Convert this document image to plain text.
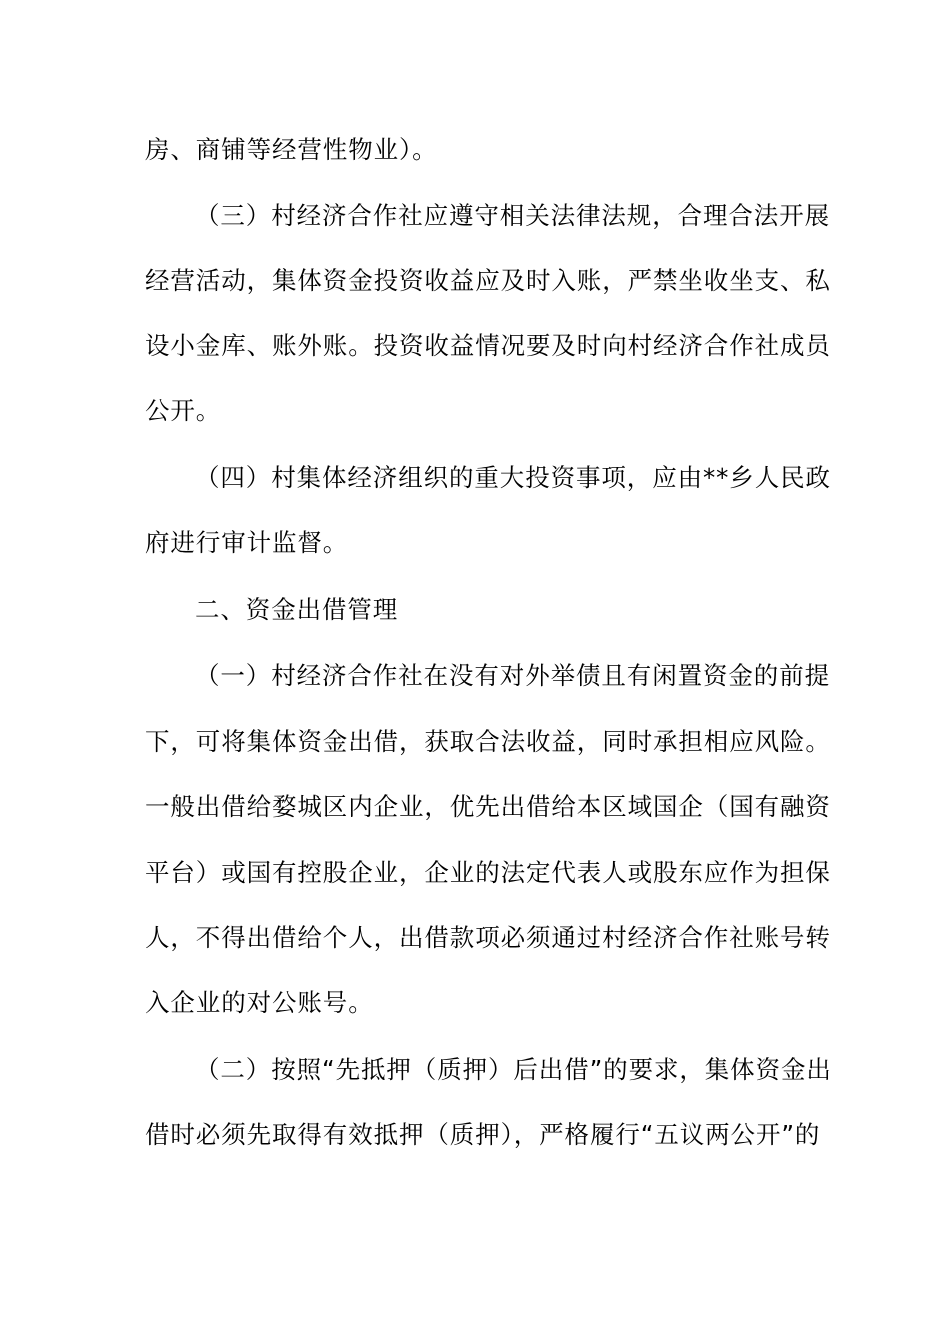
房、商铺等经营性物业）。

（三）村经济合作社应遵守相关法律法规，合理合法开展

经营活动，集体资金投资收益应及时入账，严禁坐收坐支、私

设小金库、账外账。投资收益情况要及时向村经济合作社成员

公开。

（四）村集体经济组织的重大投资事项，应由**乡人民政

府进行审计监督。

二、资金出借管理

（一）村经济合作社在没有对外举债且有闲置资金的前提

下，可将集体资金出借，获取合法收益，同时承担相应风险。

一般出借给婺城区内企业，优先出借给本区域国企（国有融资

平台）或国有控股企业，企业的法定代表人或股东应作为担保

人，不得出借给个人，出借款项必须通过村经济合作社账号转

入企业的对公账号。

（二）按照“先抵押（质押）后出借”的要求，集体资金出

借时必须先取得有效抵押（质押），严格履行“五议两公开”的
